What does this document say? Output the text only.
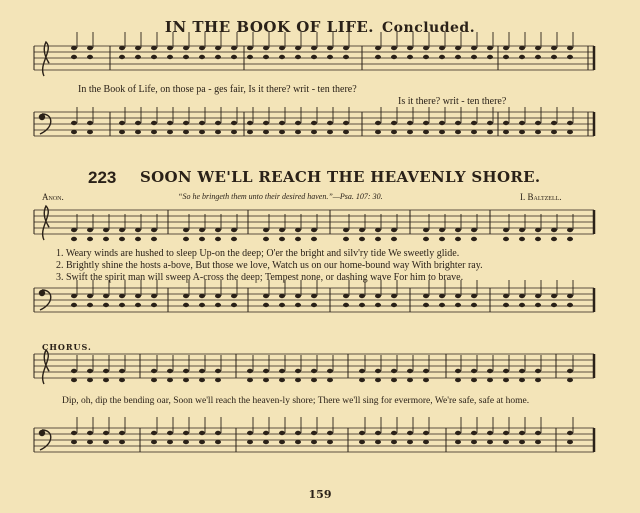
IN THE BOOK OF LIFE. Concluded.
In the Book of Life, on those pa - ges fair, Is it there? writ - ten there?
Is it there? writ - ten there?
223 SOON WE'LL REACH THE HEAVENLY SHORE.
Anon.	“So he bringeth them unto their desired haven.”—Psa. 107: 30.	I. Baltzell.
1. Weary winds are hushed to sleep Up-on the deep; O'er the bright and silv'ry tide We sweetly glide.
2. Brightly shine the hosts a-bove, But those we love, Watch us on our home-bound way With brighter ray.
3. Swift the spirit man will sweep A-cross the deep; Tempest none, or dashing wave For him to brave.
CHORUS.
Dip, oh, dip the bending oar, Soon we'll reach the heaven-ly shore; There we'll sing for evermore, We're safe, safe at home.
159
